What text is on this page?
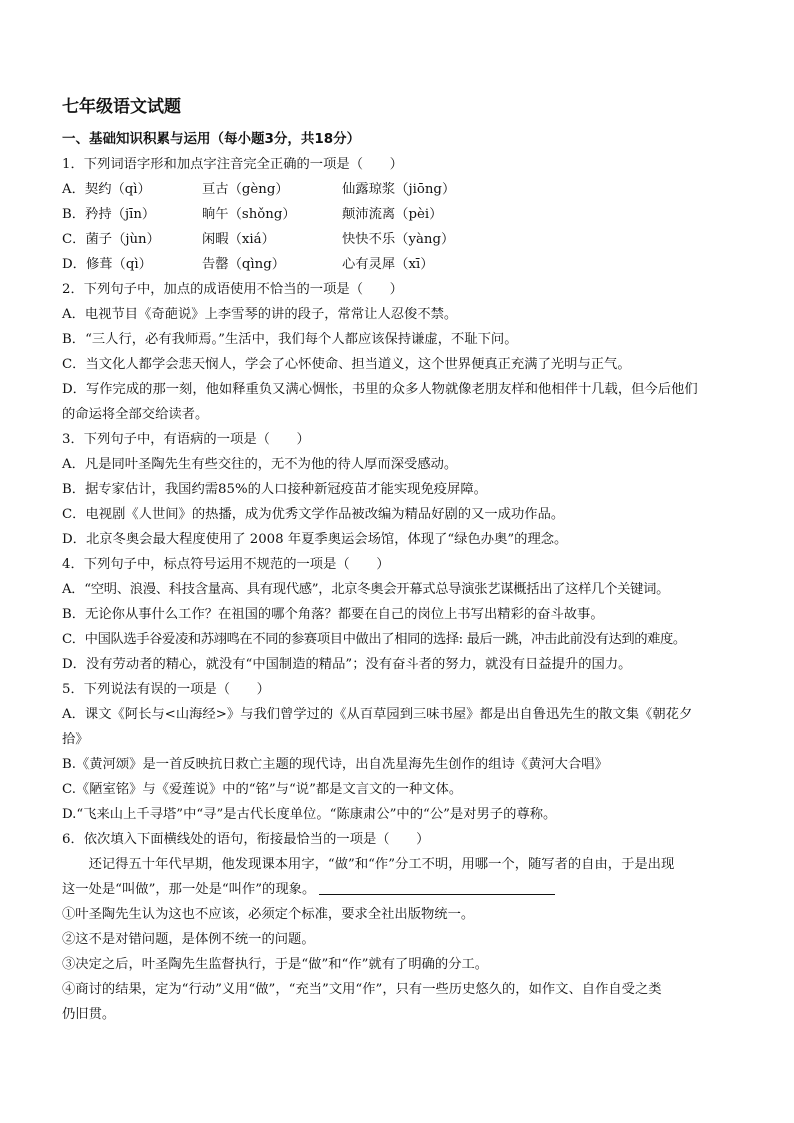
七年级语文试题
一、基础知识积累与运用（每小题3分，共18分）
1．下列词语字形和加点字注音完全正确的一项是（　　）
A．契约（qì）	亘古（gèng）	仙露琼浆（jiōng）
B．矜持（jīn）	晌午（shǒng）	颠沛流离（pèi）
C．菌子（jùn）	闲暇（xiá）	快快不乐（yàng）
D．修葺（qì）	告罄（qìng）	心有灵犀（xī）
2．下列句子中，加点的成语使用不恰当的一项是（　　）
A．电视节目《奇葩说》上李雪琴的讲的段子，常常让人忍俊不禁。
B．“三人行，必有我师焉。”生活中，我们每个人都应该保持谦虚，不耻下问。
C．当文化人都学会悲天悯人，学会了心怀使命、担当道义，这个世界便真正充满了光明与正气。
D．写作完成的那一刻，他如释重负又满心惆怅，书里的众多人物就像老朋友样和他相伴十几载，但今后他们
的命运将全部交给读者。
3．下列句子中，有语病的一项是（　　）
A．凡是同叶圣陶先生有些交往的，无不为他的待人厚而深受感动。
B．据专家估计，我国约需85%的人口接种新冠疫苗才能实现免疫屏障。
C．电视剧《人世间》的热播，成为优秀文学作品被改编为精品好剧的又一成功作品。
D．北京冬奥会最大程度使用了 2008 年夏季奥运会场馆，体现了“绿色办奥”的理念。
4．下列句子中，标点符号运用不规范的一项是（　　）
A．“空明、浪漫、科技含量高、具有现代感”，北京冬奥会开幕式总导演张艺谋概括出了这样几个关键词。
B．无论你从事什么工作？在祖国的哪个角落？都要在自己的岗位上书写出精彩的奋斗故事。
C．中国队选手谷爱凌和苏翊鸣在不同的参赛项目中做出了相同的选择: 最后一跳，冲击此前没有达到的难度。
D．没有劳动者的精心，就没有“中国制造的精品”；没有奋斗者的努力，就没有日益提升的国力。
5．下列说法有误的一项是（　　）
A．课文《阿长与<山海经>》与我们曾学过的《从百草园到三味书屋》都是出自鲁迅先生的散文集《朝花夕
拾》
B.《黄河颂》是一首反映抗日救亡主题的现代诗，出自冼星海先生创作的组诗《黄河大合唱》
C.《陋室铭》与《爱莲说》中的“铭”与“说”都是文言文的一种文体。
D.“飞来山上千寻塔”中“寻”是古代长度单位。“陈康肃公”中的“公”是对男子的尊称。
6．依次填入下面横线处的语句，衔接最恰当的一项是（　　）
还记得五十年代早期，他发现课本用字，“做”和“作”分工不明，用哪一个，随写者的自由，于是出现
这一处是“叫做”，那一处是“叫作”的现象。
①叶圣陶先生认为这也不应该，必须定个标准，要求全社出版物统一。
②这不是对错问题，是体例不统一的问题。
③决定之后，叶圣陶先生监督执行，于是“做”和“作”就有了明确的分工。
④商讨的结果，定为“行动”义用“做”，“充当”文用“作”，只有一些历史悠久的，如作文、自作自受之类
仍旧贯。
